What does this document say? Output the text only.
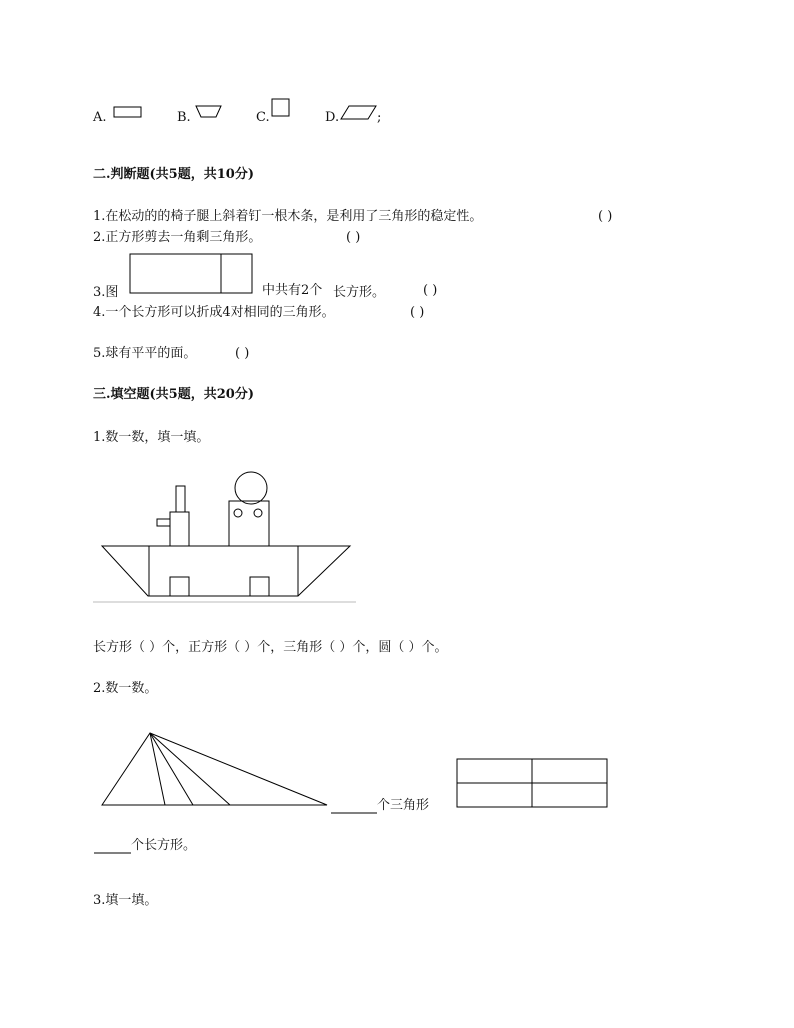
A.	B.	C.	D.	;
二.判断题(共5题，共10分)
1.在松动的的椅子腿上斜着钉一根木条，是利用了三角形的稳定性。	( )
2.正方形剪去一角剩三角形。	( )
3.图	中共有2个 长方形。	( )
4.一个长方形可以折成4对相同的三角形。	( )
5.球有平平的面。	( )
三.填空题(共5题，共20分)
1.数一数，填一填。
长方形（ ）个，正方形（ ）个，三角形（ ）个，圆（ ）个。
2.数一数。
个三角形
个长方形。
3.填一填。
